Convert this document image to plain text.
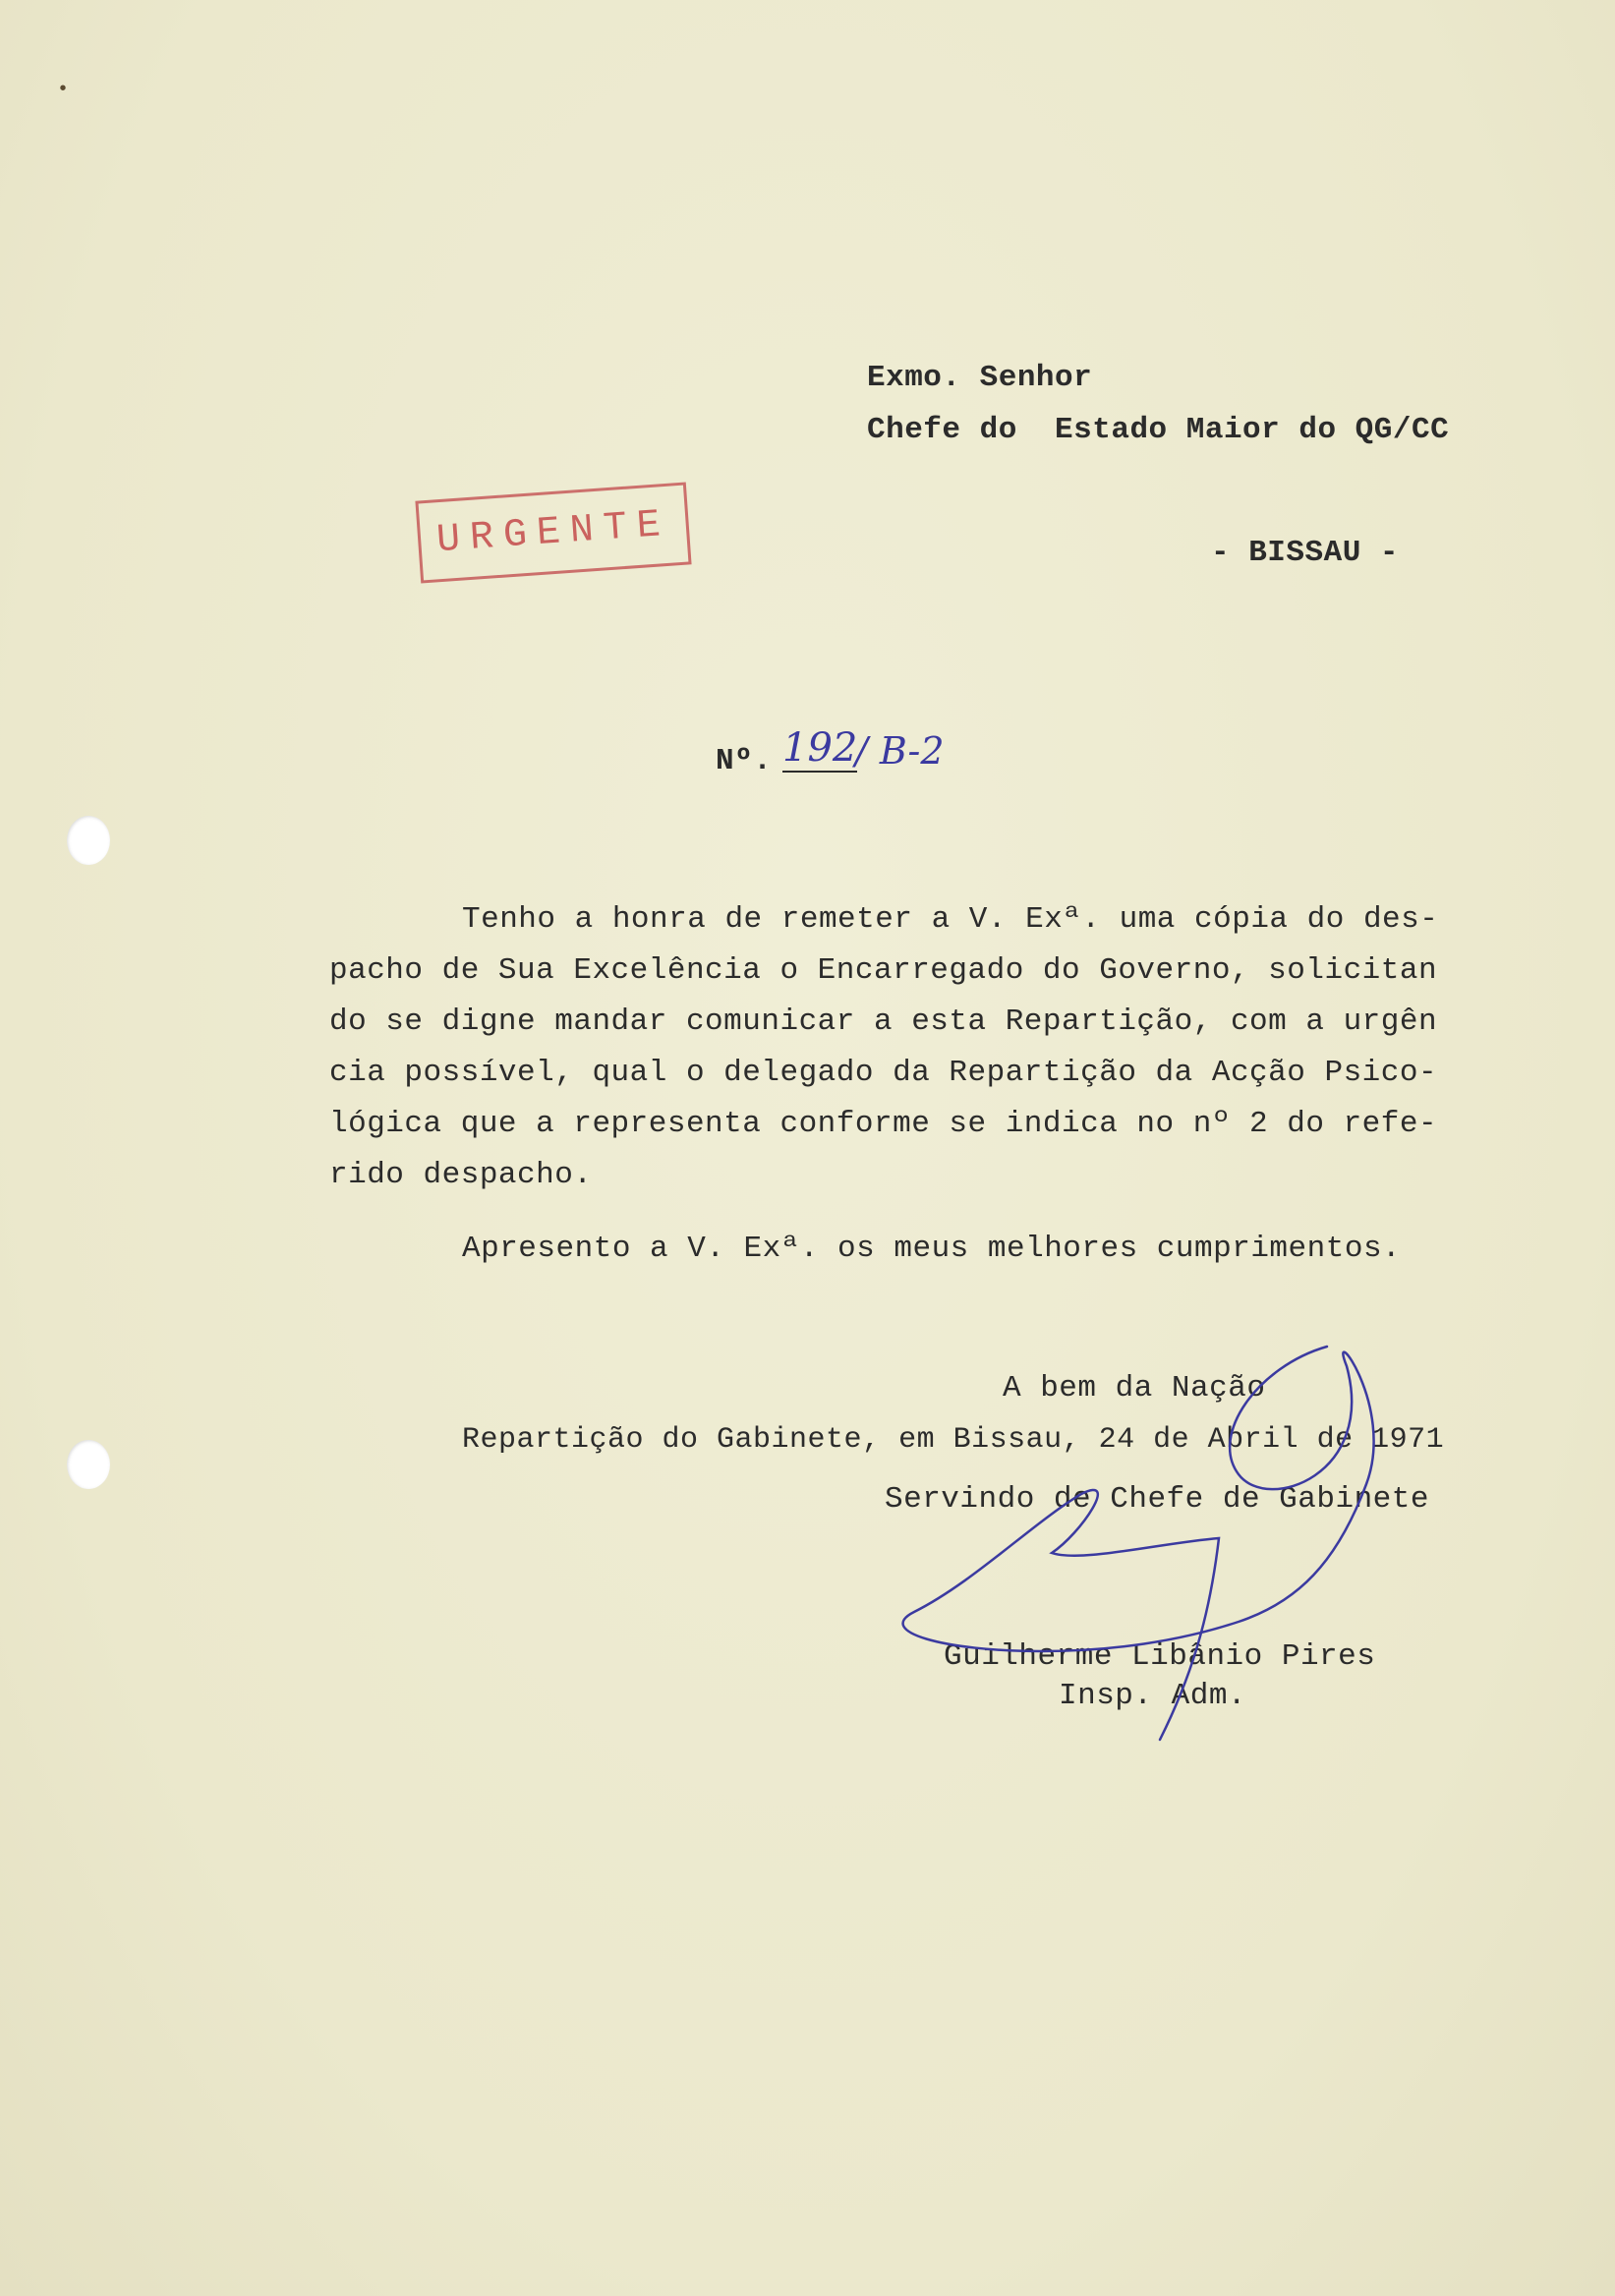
•
Exmo. Senhor
Chefe do  Estado Maior do QG/CC
- BISSAU -
URGENTE
Nº. 192
/ B-2
Tenho a honra de remeter a V. Exª. uma cópia do des-
pacho de Sua Excelência o Encarregado do Governo, solicitan
do se digne mandar comunicar a esta Repartição, com a urgên
cia possível, qual o delegado da Repartição da Acção Psico-
lógica que a representa conforme se indica no nº 2 do refe-
rido despacho.
Apresento a V. Exª. os meus melhores cumprimentos.
A bem da Nação
Repartição do Gabinete, em Bissau, 24 de Abril de 1971
Servindo de Chefe de Gabinete
Guilherme Libânio Pires
Insp. Adm.
